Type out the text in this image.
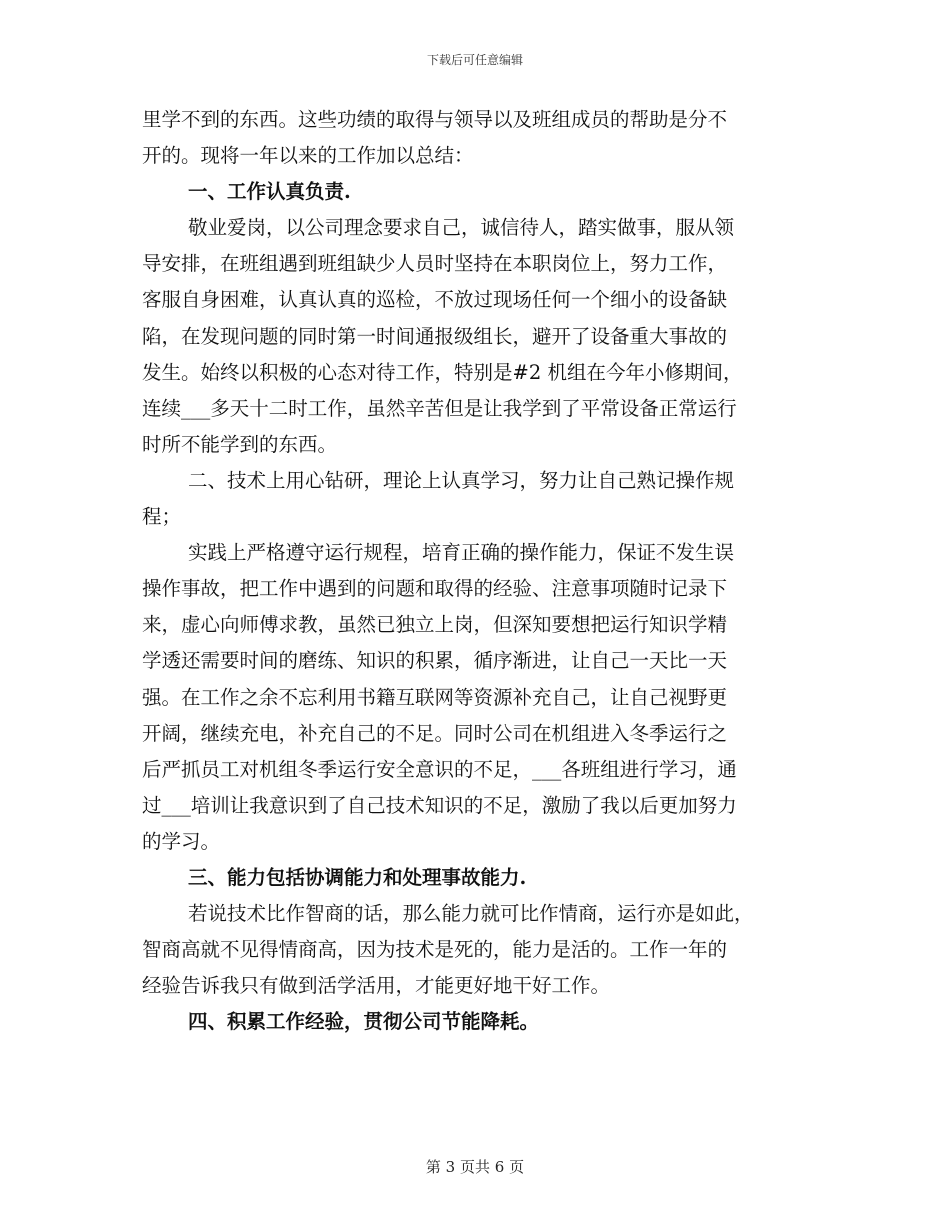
下载后可任意编辑
里学不到的东西。这些功绩的取得与领导以及班组成员的帮助是分不
开的。现将一年以来的工作加以总结：
一、工作认真负责.
敬业爱岗，以公司理念要求自己，诚信待人，踏实做事，服从领
导安排，在班组遇到班组缺少人员时坚持在本职岗位上，努力工作，
客服自身困难，认真认真的巡检，不放过现场任何一个细小的设备缺
陷，在发现问题的同时第一时间通报级组长，避开了设备重大事故的
发生。始终以积极的心态对待工作，特别是#2 机组在今年小修期间，
连续___多天十二时工作，虽然辛苦但是让我学到了平常设备正常运行
时所不能学到的东西。
二、技术上用心钻研，理论上认真学习，努力让自己熟记操作规
程；
实践上严格遵守运行规程，培育正确的操作能力，保证不发生误
操作事故，把工作中遇到的问题和取得的经验、注意事项随时记录下
来，虚心向师傅求教，虽然已独立上岗，但深知要想把运行知识学精
学透还需要时间的磨练、知识的积累，循序渐进，让自己一天比一天
强。在工作之余不忘利用书籍互联网等资源补充自己，让自己视野更
开阔，继续充电，补充自己的不足。同时公司在机组进入冬季运行之
后严抓员工对机组冬季运行安全意识的不足，___各班组进行学习，通
过___培训让我意识到了自己技术知识的不足，激励了我以后更加努力
的学习。
三、能力包括协调能力和处理事故能力.
若说技术比作智商的话，那么能力就可比作情商，运行亦是如此，
智商高就不见得情商高，因为技术是死的，能力是活的。工作一年的
经验告诉我只有做到活学活用，才能更好地干好工作。
四、积累工作经验，贯彻公司节能降耗。
第 3 页共 6 页
